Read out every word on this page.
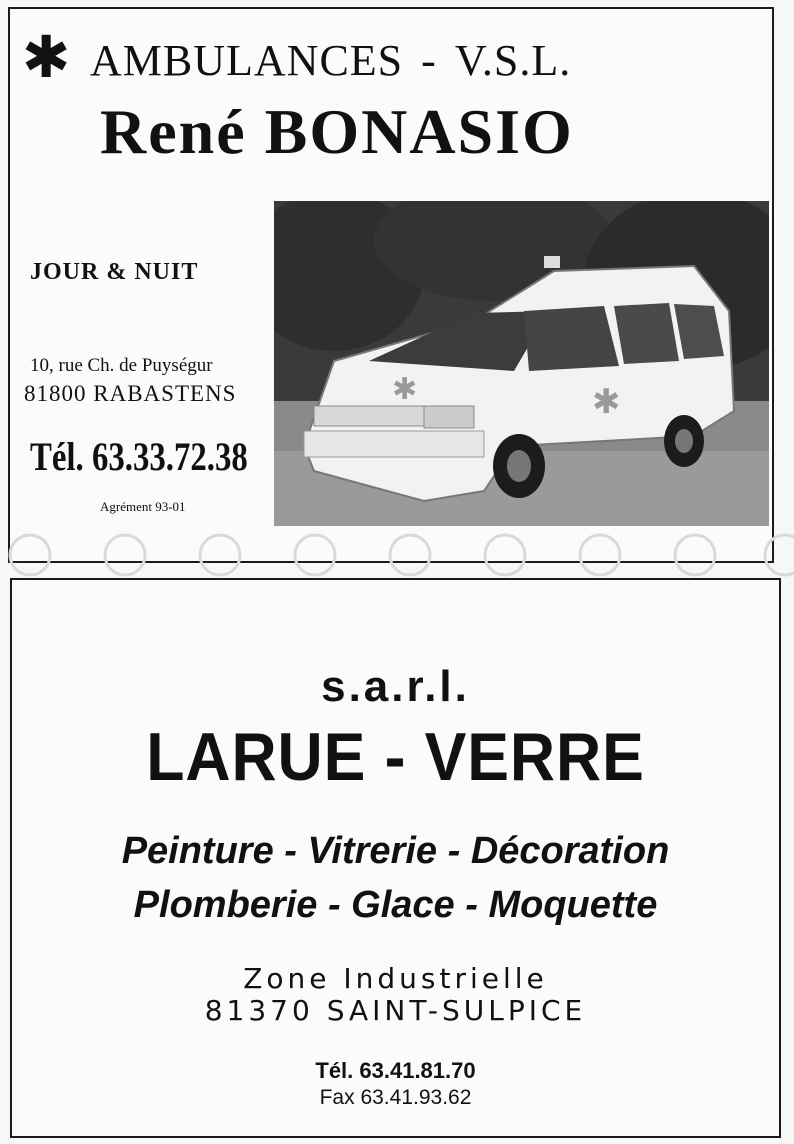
✱ AMBULANCES - V.S.L.
René BONASIO
JOUR & NUIT
10, rue Ch. de Puységur
81800 RABASTENS
Tél. 63.33.72.38
Agrément 93-01
✱	✱
s.a.r.l.
LARUE - VERRE
Peinture - Vitrerie - Décoration
Plomberie - Glace - Moquette
Zone Industrielle
81370 SAINT-SULPICE
Tél. 63.41.81.70
Fax 63.41.93.62
